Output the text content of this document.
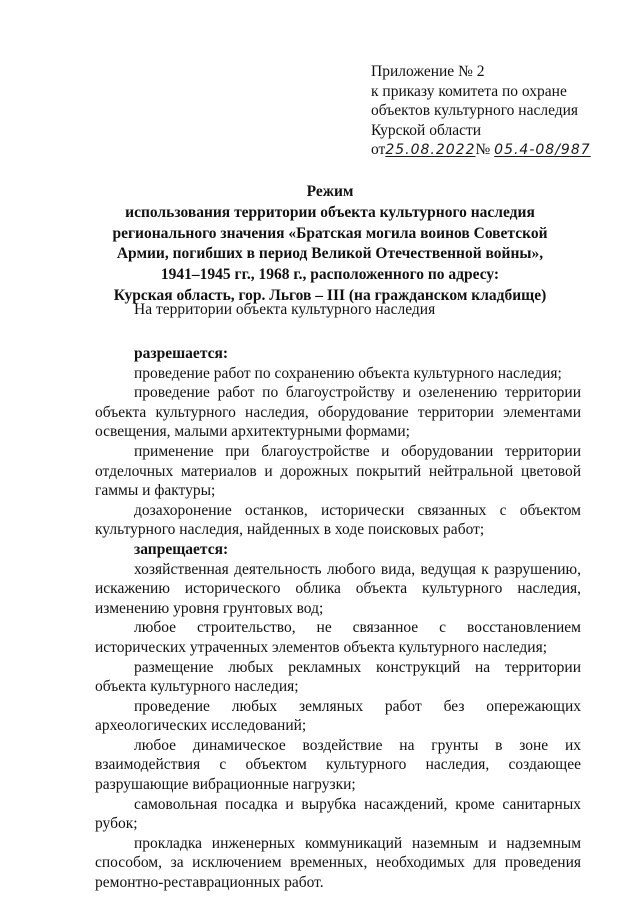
Приложение № 2
к приказу комитета по охране
объектов культурного наследия
Курской области
от25.08.2022№ 05.4-08/987
Режим
использования территории объекта культурного наследия
регионального значения «Братская могила воинов Советской
Армии, погибших в период Великой Отечественной войны»,
1941–1945 гг., 1968 г., расположенного по адресу:
Курская область, гор. Льгов – III (на гражданском кладбище)
На территории объекта культурного наследия
разрешается:
проведение работ по сохранению объекта культурного наследия;
проведение работ по благоустройству и озеленению территории объекта культурного наследия, оборудование территории элементами освещения, малыми архитектурными формами;
применение при благоустройстве и оборудовании территории отделочных материалов и дорожных покрытий нейтральной цветовой гаммы и фактуры;
дозахоронение останков, исторически связанных с объектом культурного наследия, найденных в ходе поисковых работ;
запрещается:
хозяйственная деятельность любого вида, ведущая к разрушению, искажению исторического облика объекта культурного наследия, изменению уровня грунтовых вод;
любое строительство, не связанное с восстановлением исторических утраченных элементов объекта культурного наследия;
размещение любых рекламных конструкций на территории объекта культурного наследия;
проведение любых земляных работ без опережающих археологических исследований;
любое динамическое воздействие на грунты в зоне их взаимодействия с объектом культурного наследия, создающее разрушающие вибрационные нагрузки;
самовольная посадка и вырубка насаждений, кроме санитарных рубок;
прокладка инженерных коммуникаций наземным и надземным способом, за исключением временных, необходимых для проведения ремонтно-реставрационных работ.
